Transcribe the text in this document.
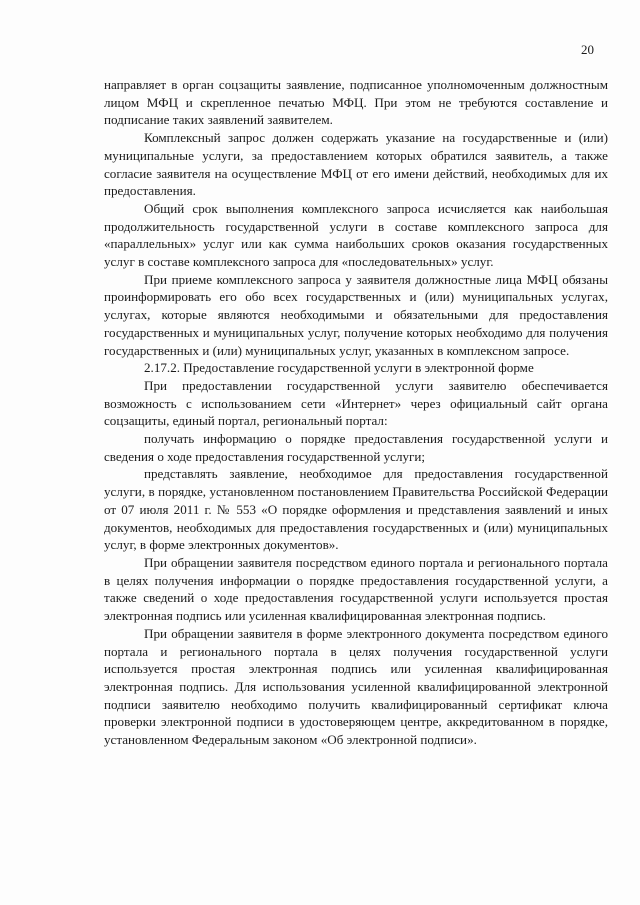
20

направляет в орган соцзащиты заявление, подписанное уполномоченным должностным лицом МФЦ и скрепленное печатью МФЦ. При этом не требуются составление и подписание таких заявлений заявителем.

Комплексный запрос должен содержать указание на государственные и (или) муниципальные услуги, за предоставлением которых обратился заявитель, а также согласие заявителя на осуществление МФЦ от его имени действий, необходимых для их предоставления.

Общий срок выполнения комплексного запроса исчисляется как наибольшая продолжительность государственной услуги в составе комплексного запроса для «параллельных» услуг или как сумма наибольших сроков оказания государственных услуг в составе комплексного запроса для «последовательных» услуг.

При приеме комплексного запроса у заявителя должностные лица МФЦ обязаны проинформировать его обо всех государственных и (или) муниципальных услугах, услугах, которые являются необходимыми и обязательными для предоставления государственных и муниципальных услуг, получение которых необходимо для получения государственных и (или) муниципальных услуг, указанных в комплексном запросе.

2.17.2. Предоставление государственной услуги в электронной форме

При предоставлении государственной услуги заявителю обеспечивается возможность с использованием сети «Интернет» через официальный сайт органа соцзащиты, единый портал, региональный портал:

получать информацию о порядке предоставления государственной услуги и сведения о ходе предоставления государственной услуги;

представлять заявление, необходимое для предоставления государственной услуги, в порядке, установленном постановлением Правительства Российской Федерации от 07 июля 2011 г. № 553 «О порядке оформления и представления заявлений и иных документов, необходимых для предоставления государственных и (или) муниципальных услуг, в форме электронных документов».

При обращении заявителя посредством единого портала и регионального портала в целях получения информации о порядке предоставления государственной услуги, а также сведений о ходе предоставления государственной услуги используется простая электронная подпись или усиленная квалифицированная электронная подпись.

При обращении заявителя в форме электронного документа посредством единого портала и регионального портала в целях получения государственной услуги используется простая электронная подпись или усиленная квалифицированная электронная подпись. Для использования усиленной квалифицированной электронной подписи заявителю необходимо получить квалифицированный сертификат ключа проверки электронной подписи в удостоверяющем центре, аккредитованном в порядке, установленном Федеральным законом «Об электронной подписи».
